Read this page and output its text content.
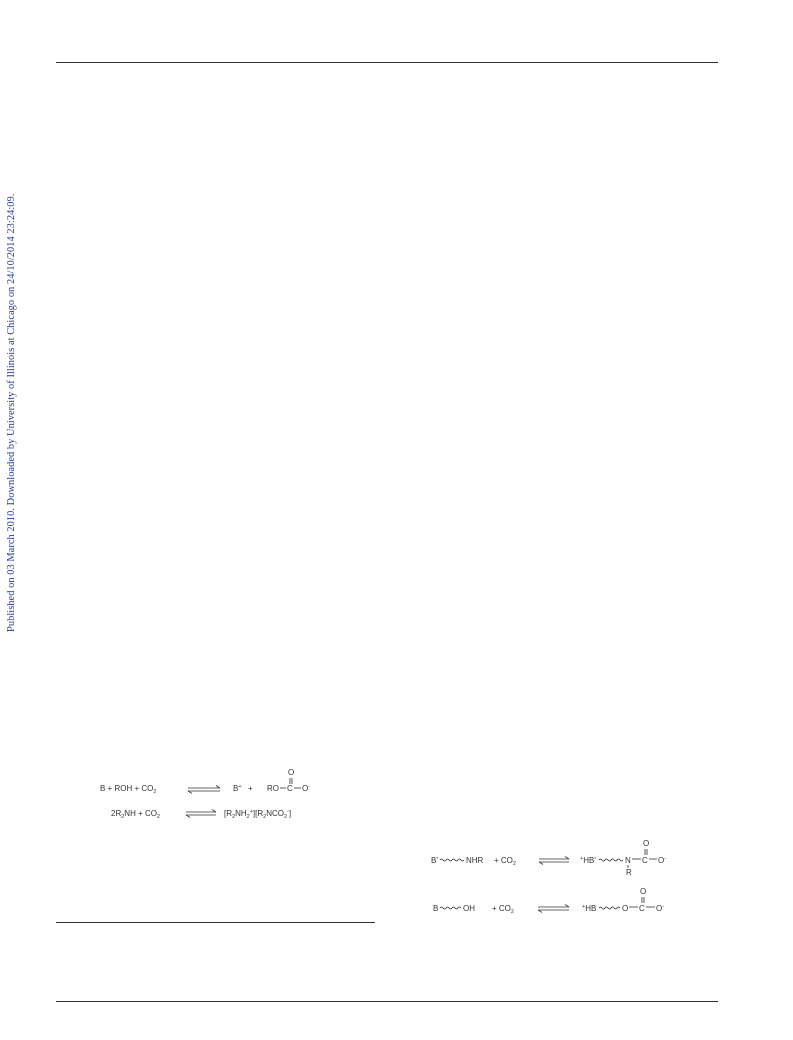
Published on 03 March 2010. Downloaded by University of Illinois at Chicago on 24/10/2014 23:24:09.
B + ROH + $CO_2$	B+ + RO C
O
O-
$2R_2NH + CO_2$	$[R_2NH_2^+][R_2NCO_2^-]$
B'	NHR + $CO_2$
+HB'	N
R
C
O
O-
B	OH + $CO_2$
+HB	O C
O
O-
